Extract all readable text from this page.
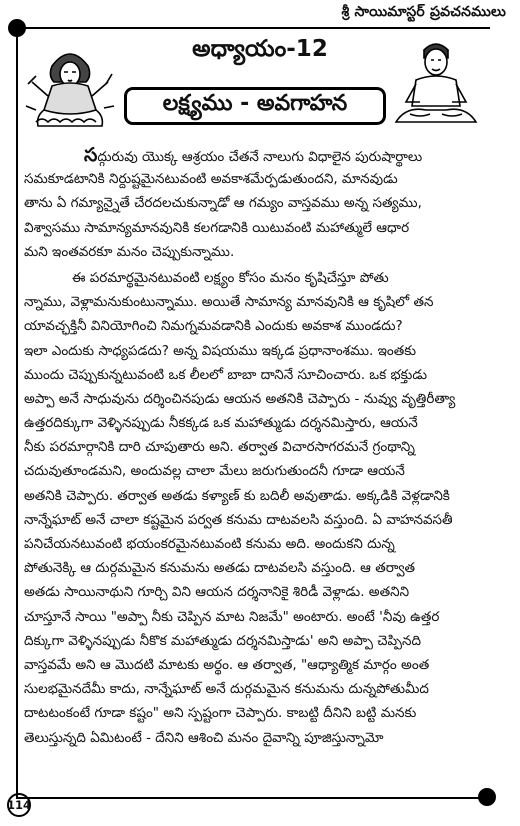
శ్రీ సాయిమాస్టర్ ప్రవచనములు
అధ్యాయం-12
లక్ష్యము - అవగాహన
సద్గురువు యొక్క ఆశ్రయం చేతనే నాలుగు విధాలైన పురుషార్థాలు
సమకూడటానికి నిర్దుష్టమైనటువంటి అవకాశమేర్పడుతుందని, మానవుడు
తాను ఏ గమ్యాన్నైతే చేరదలచుకున్నాడో ఆ గమ్యం వాస్తవము అన్న సత్యము,
విశ్వాసము సామాన్యమానవునికి కలగడానికి యిటువంటి మహాత్ములే ఆధార
మని ఇంతవరకూ మనం చెప్పుకున్నాము.
ఈ పరమార్థమైనటువంటి లక్ష్యం కోసం మనం కృషిచేస్తూ పోతు
న్నాము, వెళ్లామనుకుంటున్నాము. అయితే సామాన్య మానవునికి ఆ కృషిలో తన
యావచ్ఛక్తినీ వినియోగించి నిమగ్నమవడానికి ఎందుకు అవకాశ ముండదు?
ఇలా ఎందుకు సాధ్యపడదు? అన్న విషయము ఇక్కడ ప్రధానాంశము. ఇంతకు
ముందు చెప్పుకున్నటువంటి ఒక లీలలో బాబా దానినే సూచించారు. ఒక భక్తుడు
అప్పా అనే సాధువును దర్శించినపుడు ఆయన అతనికి చెప్పారు - నువ్వు వృత్తిరీత్యా
ఉత్తరదిక్కుగా వెళ్ళినప్పుడు నీకక్కడ ఒక మహాత్ముడు దర్శనమిస్తారు, ఆయనే
నీకు పరమార్గానికి దారి చూపుతారు అని. తర్వాత విచారసాగరమనే గ్రంథాన్ని
చదువుతూండమని, అందువల్ల చాలా మేలు జరుగుతుందనీ గూడా ఆయనే
అతనికి చెప్పారు. తర్వాత అతడు కళ్యాణ్ కు బదిలీ అవుతాడు. అక్కడికి వెళ్లడానికి
నాన్నేఘాట్ అనే చాలా కష్టమైన పర్వత కనుమ దాటవలసి వస్తుంది. ఏ వాహనవసతీ
పనిచేయనటువంటి భయంకరమైనటువంటి కనుమ అది. అందుకని దున్న
పోతునెక్కి ఆ దుర్గమమైన కనుమను అతడు దాటవలసి వస్తుంది. ఆ తర్వాత
అతడు సాయినాథుని గూర్చి విని ఆయన దర్శనానికై శిరిడీ వెళ్లాడు. అతనిని
చూస్తూనే సాయి "అప్పా నీకు చెప్పిన మాట నిజమే" అంటారు. అంటే 'నీవు ఉత్తర
దిక్కుగా వెళ్ళినప్పుడు నీకొక మహాత్ముడు దర్శనమిస్తాడు' అని అప్పా చెప్పినది
వాస్తవమే అని ఆ మొదటి మాటకు అర్థం. ఆ తర్వాత, "ఆధ్యాత్మిక మార్గం అంత
సులభమైనదేమీ కాదు, నాన్నేఘాట్ అనే దుర్గమమైన కనుమను దున్నపోతుమీద
దాటటంకంటే గూడా కష్టం" అని స్పష్టంగా చెప్పారు. కాబట్టి దీనిని బట్టి మనకు
తెలుస్తున్నది ఏమిటంటే - దేనిని ఆశించి మనం దైవాన్ని పూజిస్తున్నామో
114
